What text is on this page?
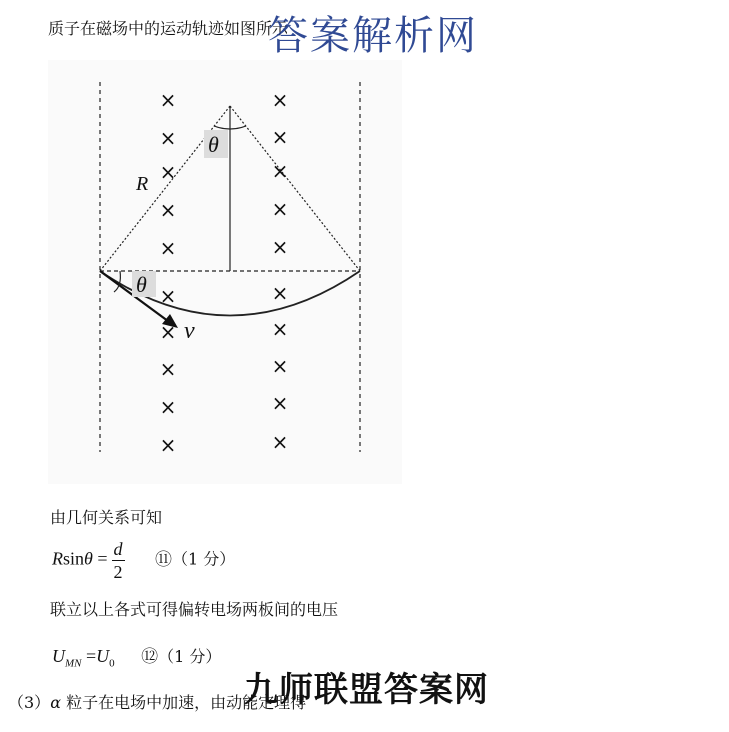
质子在磁场中的运动轨迹如图所示
答案解析网
R
θ
θ
v
×
×
×
×
×
×
×
×
×
×
×
×
×
×
×
×
×
×
×
×
由几何关系可知
$Rsin\theta = \frac{d}{2}$ ⑪（1 分）
联立以上各式可得偏转电场两板间的电压
$U_{MN} =U_0$ ⑫（1 分）
（3）α 粒子在电场中加速，由动能定理得
九师联盟答案网
